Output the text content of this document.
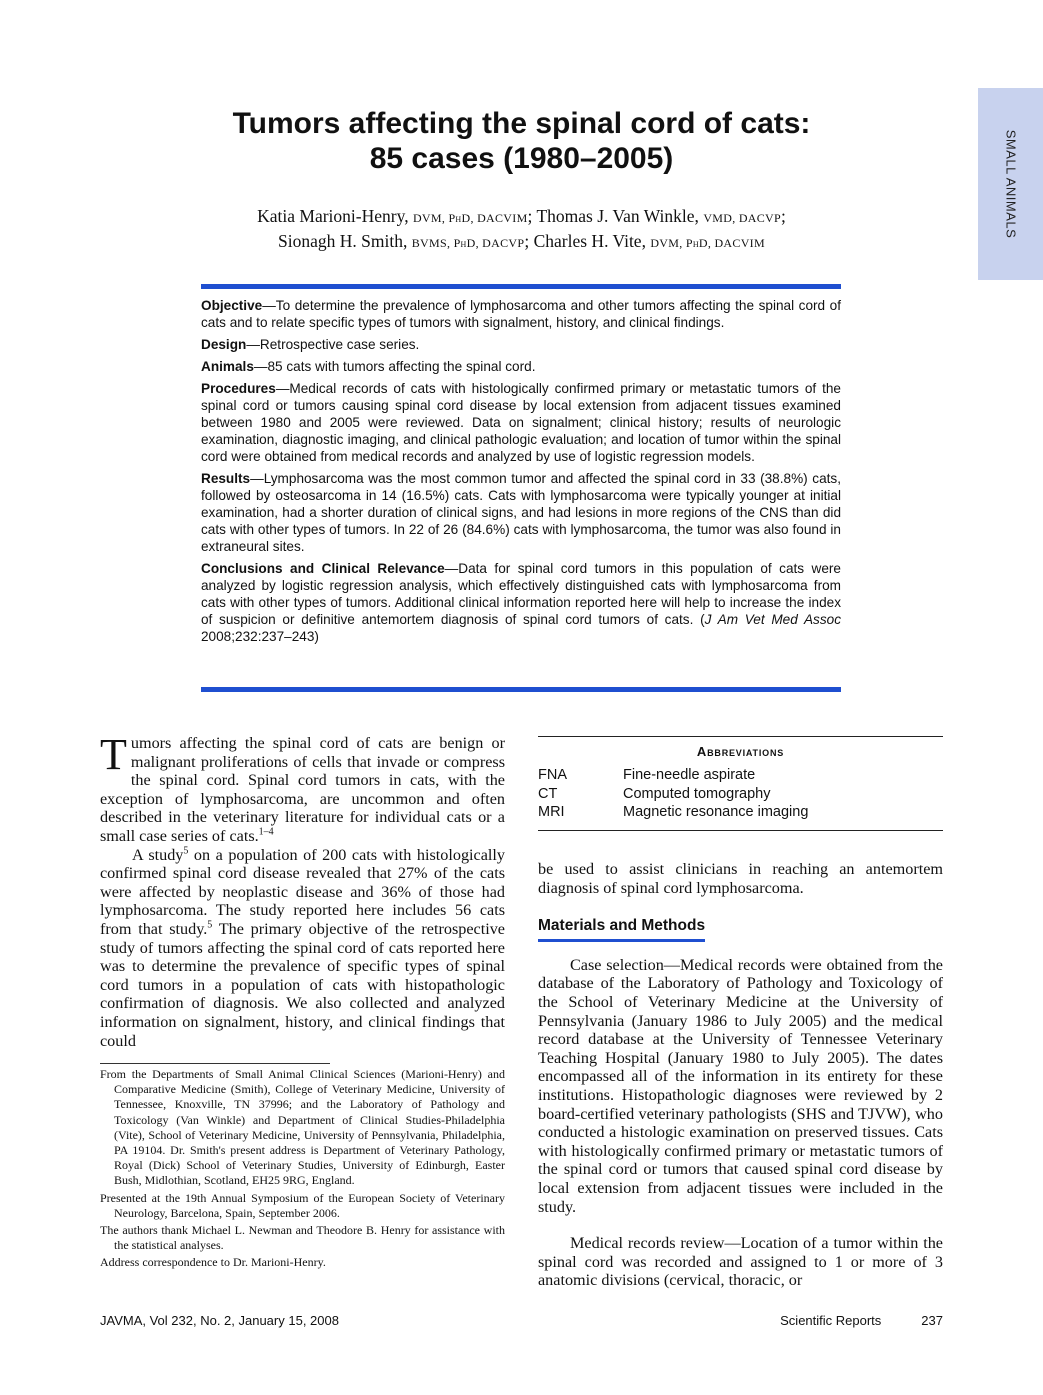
SMALL ANIMALS
Tumors affecting the spinal cord of cats:
85 cases (1980–2005)

Katia Marioni-Henry, DVM, PhD, DACVIM; Thomas J. Van Winkle, VMD, DACVP;
Sionagh H. Smith, BVMS, PhD, DACVP; Charles H. Vite, DVM, PhD, DACVIM

Objective—To determine the prevalence of lymphosarcoma and other tumors affecting the spinal cord of cats and to relate specific types of tumors with signalment, history, and clinical findings.

Design—Retrospective case series.

Animals—85 cats with tumors affecting the spinal cord.

Procedures—Medical records of cats with histologically confirmed primary or metastatic tumors of the spinal cord or tumors causing spinal cord disease by local extension from adjacent tissues examined between 1980 and 2005 were reviewed. Data on signalment; clinical history; results of neurologic examination, diagnostic imaging, and clinical pathologic evaluation; and location of tumor within the spinal cord were obtained from medical records and analyzed by use of logistic regression models.

Results—Lymphosarcoma was the most common tumor and affected the spinal cord in 33 (38.8%) cats, followed by osteosarcoma in 14 (16.5%) cats. Cats with lymphosarcoma were typically younger at initial examination, had a shorter duration of clinical signs, and had lesions in more regions of the CNS than did cats with other types of tumors. In 22 of 26 (84.6%) cats with lymphosarcoma, the tumor was also found in extraneural sites.

Conclusions and Clinical Relevance—Data for spinal cord tumors in this population of cats were analyzed by logistic regression analysis, which effectively distinguished cats with lymphosarcoma from cats with other types of tumors. Additional clinical information reported here will help to increase the index of suspicion or definitive antemortem diagnosis of spinal cord tumors of cats. (J Am Vet Med Assoc 2008;232:237–243)

Tumors affecting the spinal cord of cats are benign or malignant proliferations of cells that invade or compress the spinal cord. Spinal cord tumors in cats, with the exception of lymphosarcoma, are uncommon and often described in the veterinary literature for individual cats or a small case series of cats.$^{1-4}$

A study$^5$ on a population of 200 cats with histologically confirmed spinal cord disease revealed that 27% of the cats were affected by neoplastic disease and 36% of those had lymphosarcoma. The study reported here includes 56 cats from that study.$^5$ The primary objective of the retrospective study of tumors affecting the spinal cord of cats reported here was to determine the prevalence of specific types of spinal cord tumors in a population of cats with histopathologic confirmation of diagnosis. We also collected and analyzed information on signalment, history, and clinical findings that could

From the Departments of Small Animal Clinical Sciences (Marioni-Henry) and Comparative Medicine (Smith), College of Veterinary Medicine, University of Tennessee, Knoxville, TN 37996; and the Laboratory of Pathology and Toxicology (Van Winkle) and Department of Clinical Studies-Philadelphia (Vite), School of Veterinary Medicine, University of Pennsylvania, Philadelphia, PA 19104. Dr. Smith's present address is Department of Veterinary Pathology, Royal (Dick) School of Veterinary Studies, University of Edinburgh, Easter Bush, Midlothian, Scotland, EH25 9RG, England.

Presented at the 19th Annual Symposium of the European Society of Veterinary Neurology, Barcelona, Spain, September 2006.

The authors thank Michael L. Newman and Theodore B. Henry for assistance with the statistical analyses.

Address correspondence to Dr. Marioni-Henry.

Abbreviations
FNA	Fine-needle aspirate
CT	Computed tomography
MRI	Magnetic resonance imaging

be used to assist clinicians in reaching an antemortem diagnosis of spinal cord lymphosarcoma.

Materials and Methods

Case selection—Medical records were obtained from the database of the Laboratory of Pathology and Toxicology of the School of Veterinary Medicine at the University of Pennsylvania (January 1986 to July 2005) and the medical record database at the University of Tennessee Veterinary Teaching Hospital (January 1980 to July 2005). The dates encompassed all of the information in its entirety for these institutions. Histopathologic diagnoses were reviewed by 2 board-certified veterinary pathologists (SHS and TJVW), who conducted a histologic examination on preserved tissues. Cats with histologically confirmed primary or metastatic tumors of the spinal cord or tumors that caused spinal cord disease by local extension from adjacent tissues were included in the study.

Medical records review—Location of a tumor within the spinal cord was recorded and assigned to 1 or more of 3 anatomic divisions (cervical, thoracic, or

JAVMA, Vol 232, No. 2, January 15, 2008	Scientific Reports	237
